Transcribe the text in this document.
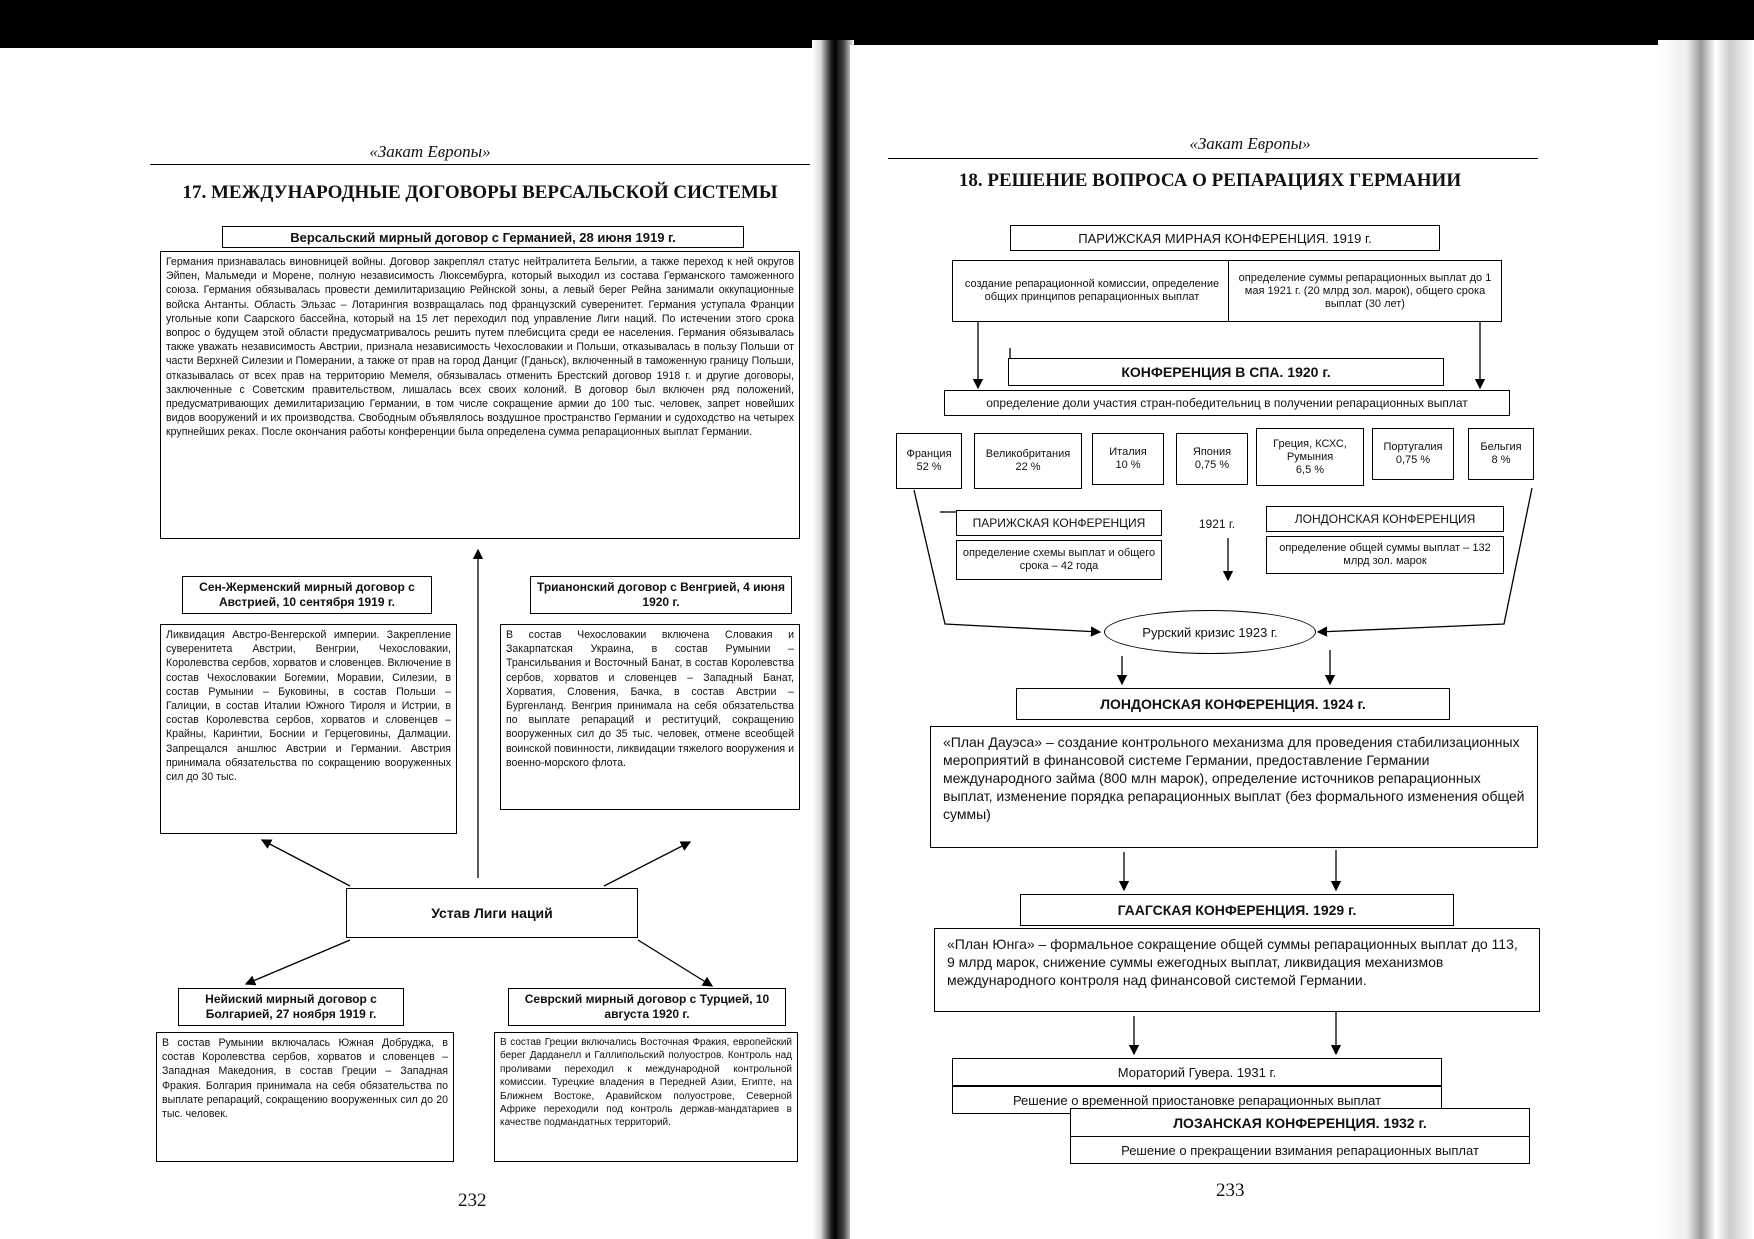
«Закат Европы»
17. МЕЖДУНАРОДНЫЕ ДОГОВОРЫ ВЕРСАЛЬСКОЙ СИСТЕМЫ
Версальский мирный договор с Германией, 28 июня 1919 г.
Германия признавалась виновницей войны. Договор закреплял статус нейтралитета Бельгии, а также переход к ней округов Эйпен, Мальмеди и Морене, полную независимость Люксембурга, который выходил из состава Германского таможенного союза. Германия обязывалась провести демилитаризацию Рейнской зоны, а левый берег Рейна занимали оккупационные войска Антанты. Область Эльзас – Лотарингия возвращалась под французский суверенитет. Германия уступала Франции угольные копи Саарского бассейна, который на 15 лет переходил под управление Лиги наций. По истечении этого срока вопрос о будущем этой области предусматривалось решить путем плебисцита среди ее населения. Германия обязывалась также уважать независимость Австрии, признала независимость Чехословакии и Польши, отказывалась в пользу Польши от части Верхней Силезии и Померании, а также от прав на город Данциг (Гданьск), включенный в таможенную границу Польши, отказывалась от всех прав на территорию Мемеля, обязывалась отменить Брестский договор 1918 г. и другие договоры, заключенные с Советским правительством, лишалась всех своих колоний. В договор был включен ряд положений, предусматривающих демилитаризацию Германии, в том числе сокращение армии до 100 тыс. человек, запрет новейших видов вооружений и их производства. Свободным объявлялось воздушное пространство Германии и судоходство на четырех крупнейших реках. После окончания работы конференции была определена сумма репарационных выплат Германии.
Сен-Жерменский мирный договор с Австрией, 10 сентября 1919 г.
Ликвидация Австро-Венгерской империи. Закрепление суверенитета Австрии, Венгрии, Чехословакии, Королевства сербов, хорватов и словенцев. Включение в состав Чехословакии Богемии, Моравии, Силезии, в состав Румынии – Буковины, в состав Польши – Галиции, в состав Италии Южного Тироля и Истрии, в состав Королевства сербов, хорватов и словенцев – Крайны, Каринтии, Боснии и Герцеговины, Далмации. Запрещался аншлюс Австрии и Германии. Австрия принимала обязательства по сокращению вооруженных сил до 30 тыс.
Трианонский договор с Венгрией, 4 июня 1920 г.
В состав Чехословакии включена Словакия и Закарпатская Украина, в состав Румынии – Трансильвания и Восточный Банат, в состав Королевства сербов, хорватов и словенцев – Западный Банат, Хорватия, Словения, Бачка, в состав Австрии – Бургенланд. Венгрия принимала на себя обязательства по выплате репараций и реституций, сокращению вооруженных сил до 35 тыс. человек, отмене всеобщей воинской повинности, ликвидации тяжелого вооружения и военно-морского флота.
Устав Лиги наций
Нейиский мирный договор с Болгарией, 27 ноября 1919 г.
В состав Румынии включалась Южная Добруджа, в состав Королевства сербов, хорватов и словенцев – Западная Македония, в состав Греции – Западная Фракия. Болгария принимала на себя обязательства по выплате репараций, сокращению вооруженных сил до 20 тыс. человек.
Севрский мирный договор с Турцией, 10 августа 1920 г.
В состав Греции включались Восточная Фракия, европейский берег Дарданелл и Галлипольский полуостров. Контроль над проливами переходил к международной контрольной комиссии. Турецкие владения в Передней Азии, Египте, на Ближнем Востоке, Аравийском полуострове, Северной Африке переходили под контроль держав-мандатариев в качестве подмандатных территорий.
232
«Закат Европы»
18. РЕШЕНИЕ ВОПРОСА О РЕПАРАЦИЯХ ГЕРМАНИИ
ПАРИЖСКАЯ МИРНАЯ КОНФЕРЕНЦИЯ. 1919 г.
создание репарационной комиссии, определение общих принципов репарационных выплат
определение суммы репарационных выплат до 1 мая 1921 г. (20 млрд зол. марок), общего срока выплат (30 лет)
КОНФЕРЕНЦИЯ В СПА. 1920 г.
определение доли участия стран-победительниц в получении репарационных выплат
Франция
52 %
Великобритания
22 %
Италия
10 %
Япония
0,75 %
Греция, КСХС, Румыния
6,5 %
Португалия
0,75 %
Бельгия
8 %
ПАРИЖСКАЯ КОНФЕРЕНЦИЯ	1921 г.	ЛОНДОНСКАЯ КОНФЕРЕНЦИЯ
определение схемы выплат и общего срока – 42 года
определение общей суммы выплат – 132 млрд зол. марок
Рурский кризис 1923 г.
ЛОНДОНСКАЯ КОНФЕРЕНЦИЯ. 1924 г.
«План Дауэса» – создание контрольного механизма для проведения стабилизационных мероприятий в финансовой системе Германии, предоставление Германии международного займа (800 млн марок), определение источников репарационных выплат, изменение порядка репарационных выплат (без формального изменения общей суммы)
ГААГСКАЯ КОНФЕРЕНЦИЯ. 1929 г.
«План Юнга» – формальное сокращение общей суммы репарационных выплат до 113, 9 млрд марок, снижение суммы ежегодных выплат, ликвидация механизмов международного контроля над финансовой системой Германии.
Мораторий Гувера. 1931 г.
Решение о временной приостановке репарационных выплат
ЛОЗАНСКАЯ КОНФЕРЕНЦИЯ. 1932 г.
Решение о прекращении взимания репарационных выплат
233
